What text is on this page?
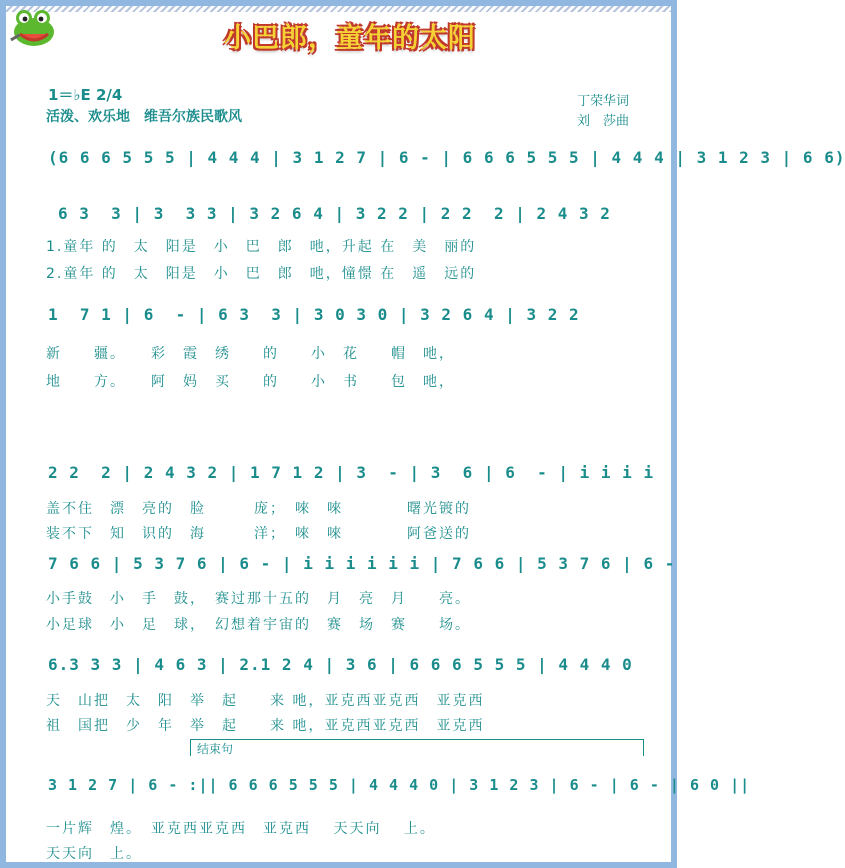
小巴郎，童年的太阳
1＝♭E 2/4
活泼、欢乐地　维吾尔族民歌风
丁荣华词
刘　莎曲
(6 6 6 5 5 5 | 4 4 4 | 3 1 2 7 | 6 - | 6 6 6 5 5 5 | 4 4 4 | 3 1 2 3 | 6 6)
6 3  3 | 3  3 3 | 3 2 6 4 | 3 2 2 | 2 2  2 | 2 4 3 2
1.童年 的　太　阳是　小　巴　郎　吔，升起 在　美　丽的
2.童年 的　太　阳是　小　巴　郎　吔，憧憬 在　遥　远的
1  7 1 | 6  - | 6 3  3 | 3 0 3 0 | 3 2 6 4 | 3 2 2
新　　疆。　　彩　霞　绣　　的　　小　花　　帽　吔，
地　　方。　　阿　妈　买　　的　　小　书　　包　吔，
2 2  2 | 2 4 3 2 | 1 7 1 2 | 3  - | 3  6 | 6  - | i i i i
盖不住　漂　亮的　脸　　　庞；　唻　唻　　　　曙光镀的
装不下　知　识的　海　　　洋；　唻　唻　　　　阿爸送的
7 6 6 | 5 3 7 6 | 6 - | i i i i i i | 7 6 6 | 5 3 7 6 | 6 -
小手鼓　小　手　鼓，　赛过那十五的　月　亮　月　　亮。
小足球　小　足　球，　幻想着宇宙的　赛　场　赛　　场。
6.3 3 3 | 4 6 3 | 2.1 2 4 | 3 6 | 6 6 6 5 5 5 | 4 4 4 0
天　山把　太　阳　举　起　　来 吔，亚克西亚克西　亚克西
祖　国把　少　年　举　起　　来 吔，亚克西亚克西　亚克西
结束句
3 1 2 7 | 6 - :|| 6 6 6 5 5 5 | 4 4 4 0 | 3 1 2 3 | 6 - | 6 - | 6 0 ||
一片辉　煌。　亚克西亚克西　亚克西　 天天向　 上。
天天向　上。
